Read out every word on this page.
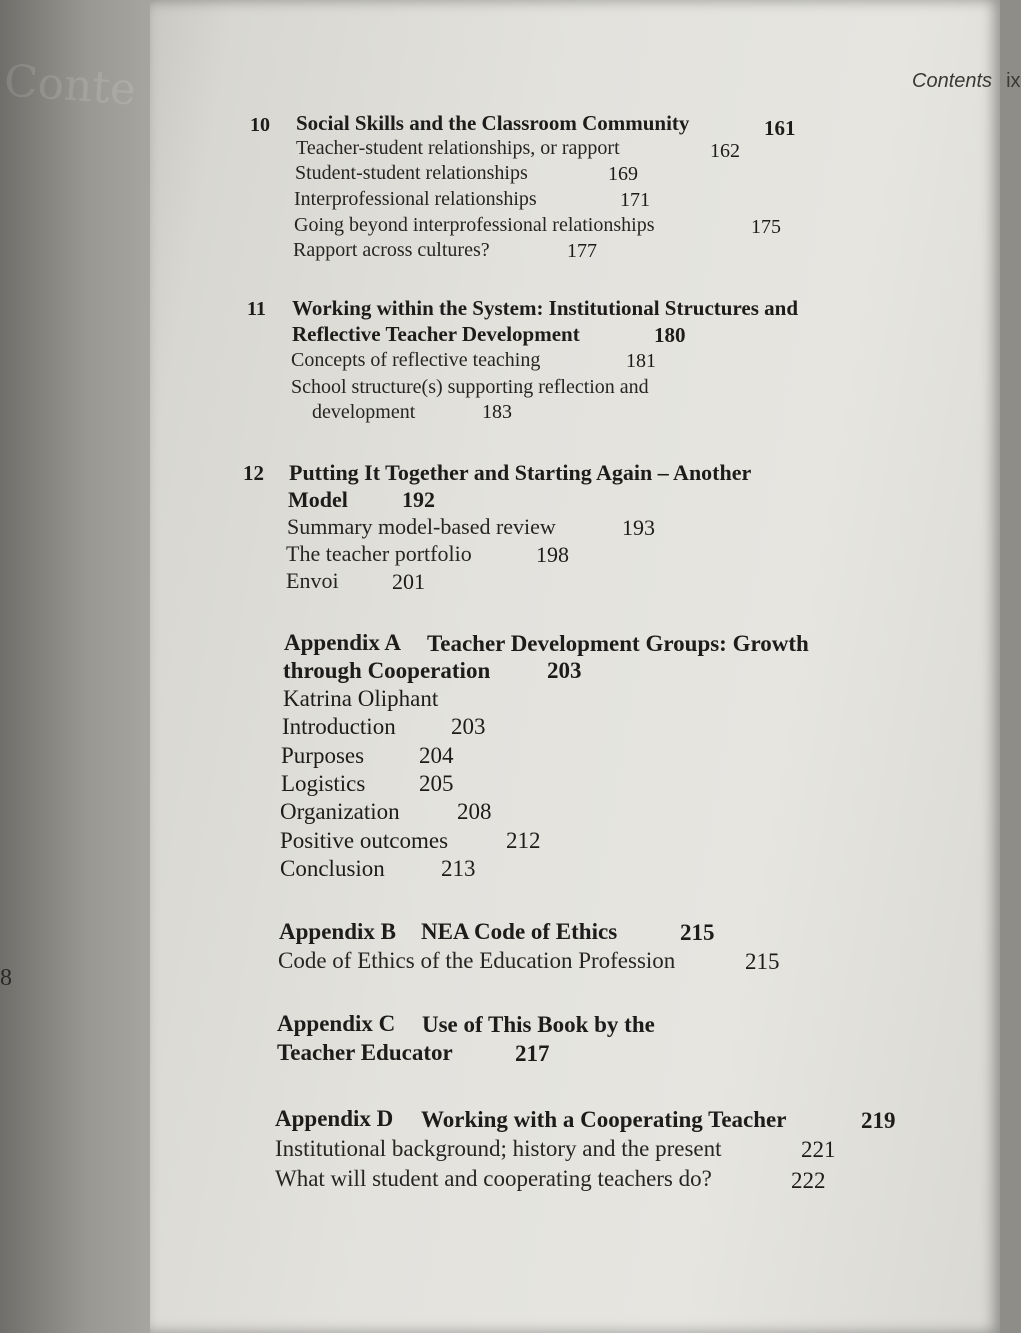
Conte
8
Contents ix
10 Social Skills and the Classroom Community	161
Teacher-student relationships, or rapport	162
Student-student relationships	169
Interprofessional relationships	171
Going beyond interprofessional relationships	175
Rapport across cultures?	177
11 Working within the System: Institutional Structures and
Reflective Teacher Development	180
Concepts of reflective teaching	181
School structure(s) supporting reflection and
development	183
12 Putting It Together and Starting Again – Another
Model 192
Summary model-based review	193
The teacher portfolio	198
Envoi 201
Appendix A Teacher Development Groups: Growth
through Cooperation 203
Katrina Oliphant
Introduction 203
Purposes 204
Logistics 205
Organization 208
Positive outcomes	212
Conclusion 213
Appendix B NEA Code of Ethics	215
Code of Ethics of the Education Profession	215
Appendix C Use of This Book by the
Teacher Educator	217
Appendix D Working with a Cooperating Teacher	219
Institutional background; history and the present	221
What will student and cooperating teachers do?	222
